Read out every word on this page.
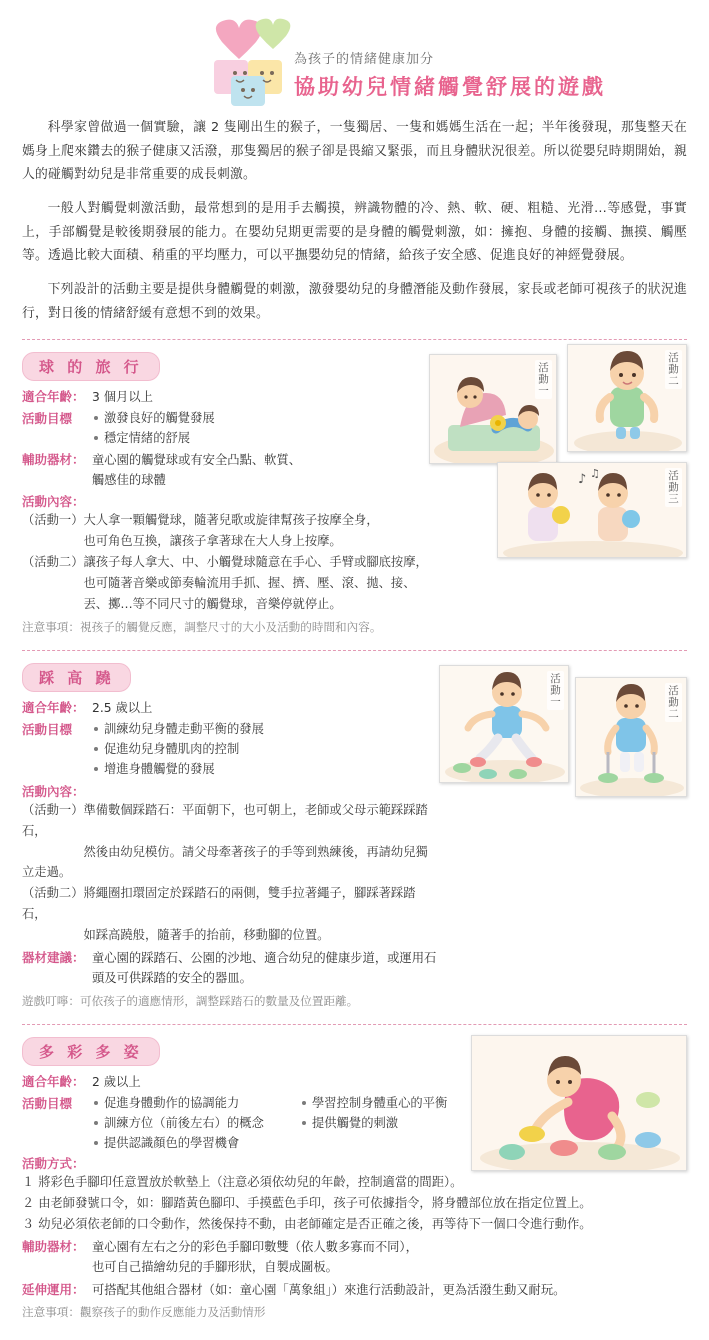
為孩子的情緒健康加分
協助幼兒情緒觸覺舒展的遊戲

科學家曾做過一個實驗，讓 2 隻剛出生的猴子，一隻獨居、一隻和媽媽生活在一起；半年後發現，那隻整天在媽身上爬來鑽去的猴子健康又活潑，那隻獨居的猴子卻是畏縮又緊張，而且身體狀況很差。所以從嬰兒時期開始，親人的碰觸對幼兒是非常重要的成長刺激。

一般人對觸覺刺激活動，最常想到的是用手去觸摸，辨識物體的冷、熱、軟、硬、粗糙、光滑…等感覺，事實上，手部觸覺是較後期發展的能力。在嬰幼兒期更需要的是身體的觸覺刺激，如：擁抱、身體的接觸、撫摸、觸壓等。透過比較大面積、稍重的平均壓力，可以平撫嬰幼兒的情緒，給孩子安全感、促進良好的神經覺發展。

下列設計的活動主要是提供身體觸覺的刺激，激發嬰幼兒的身體潛能及動作發展，家長或老師可視孩子的狀況進行，對日後的情緒舒緩有意想不到的效果。

活動一	活動二
♪ ♫	活動三
球 的 旅 行
適合年齡： 3 個月以上
活動目標	激發良好的觸覺發展
穩定情緒的舒展
輔助器材： 童心園的觸覺球或有安全凸點、軟質、
觸感佳的球體
活動內容：
（活動一）大人拿一顆觸覺球，隨著兒歌或旋律幫孩子按摩全身，
　　　　　也可角色互換，讓孩子拿著球在大人身上按摩。
（活動二）讓孩子每人拿大、中、小觸覺球隨意在手心、手臂或腳底按摩，
　　　　　也可隨著音樂或節奏輪流用手抓、握、擠、壓、滾、拋、接、
　　　　　丟、擲…等不同尺寸的觸覺球，音樂停就停止。
注意事項：視孩子的觸覺反應，調整尺寸的大小及活動的時間和內容。
活動一	活動二
踩 高 蹺
適合年齡： 2.5 歲以上
活動目標	訓練幼兒身體走動平衡的發展
促進幼兒身體肌肉的控制
增進身體觸覺的發展
活動內容：
（活動一）準備數個踩踏石：平面朝下，也可朝上，老師或父母示範踩踩踏石，
　　　　　然後由幼兒模仿。請父母牽著孩子的手等到熟練後，再請幼兒獨立走過。
（活動二）將繩圈扣環固定於踩踏石的兩側，雙手拉著繩子，腳踩著踩踏石，
　　　　　如踩高蹺般，隨著手的抬前，移動腳的位置。
器材建議： 童心園的踩踏石、公園的沙地、適合幼兒的健康步道，或運用石頭及可供踩踏的安全的器皿。
遊戲叮嚀：可依孩子的適應情形，調整踩踏石的數量及位置距離。
多 彩 多 姿
適合年齡： 2 歲以上
活動目標	促進身體動作的協調能力
訓練方位（前後左右）的概念
提供認識顏色的學習機會
學習控制身體重心的平衡
提供觸覺的刺激
活動方式：
１ 將彩色手腳印任意置放於軟墊上（注意必須依幼兒的年齡，控制適當的間距）。
２ 由老師發號口令，如：腳踏黃色腳印、手摸藍色手印，孩子可依據指令，將身體部位放在指定位置上。
３ 幼兒必須依老師的口令動作，然後保持不動，由老師確定是否正確之後，再等待下一個口令進行動作。
輔助器材： 童心園有左右之分的彩色手腳印數雙（依人數多寡而不同），
也可自己描繪幼兒的手腳形狀，自製成圖板。
延伸運用： 可搭配其他組合器材（如：童心園「萬象組」）來進行活動設計，更為活潑生動又耐玩。
注意事項：觀察孩子的動作反應能力及活動情形
